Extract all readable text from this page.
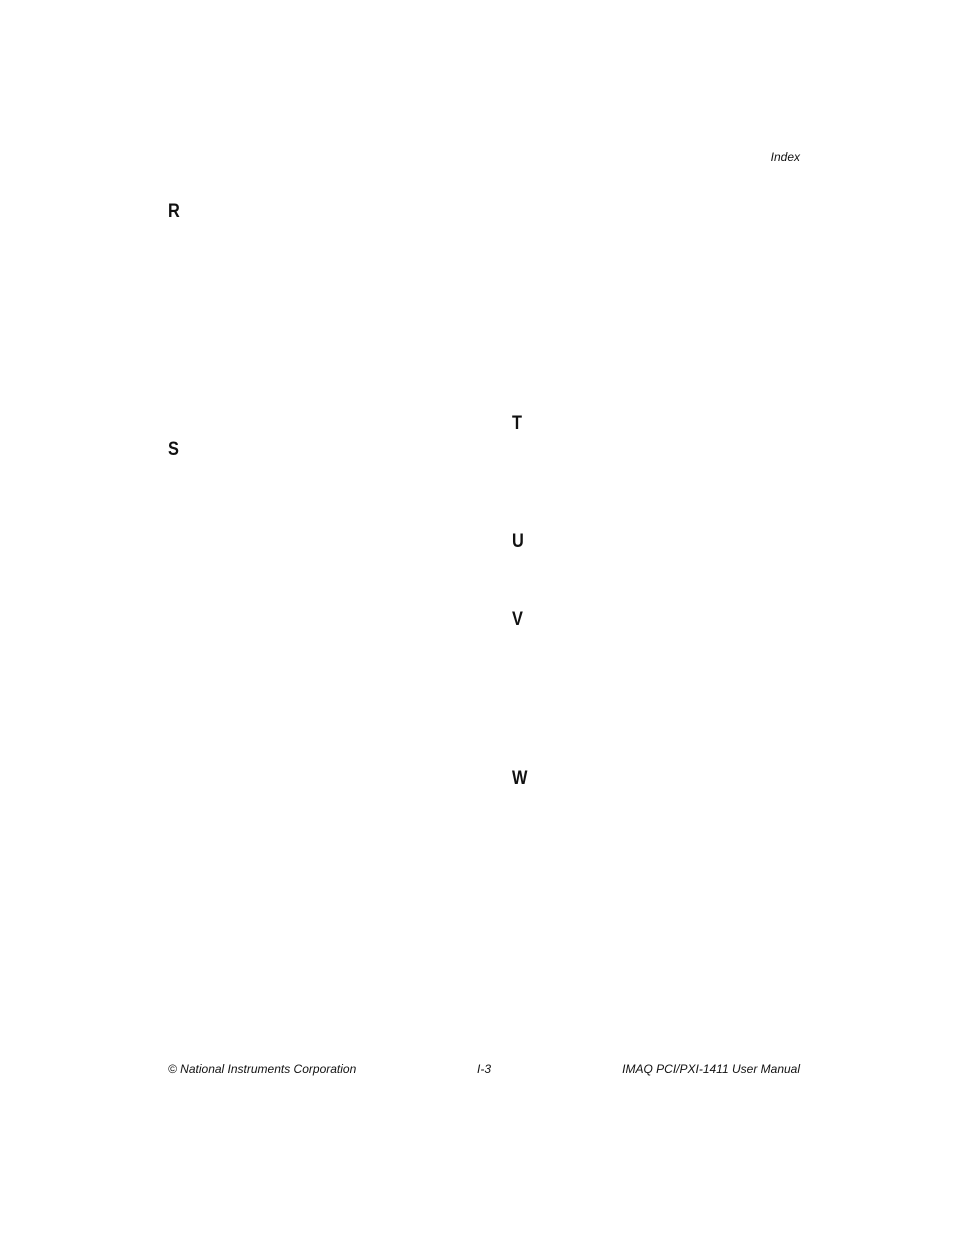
Index
R
S
T
U
V
W
© National Instruments Corporation	I-3	IMAQ PCI/PXI-1411 User Manual
